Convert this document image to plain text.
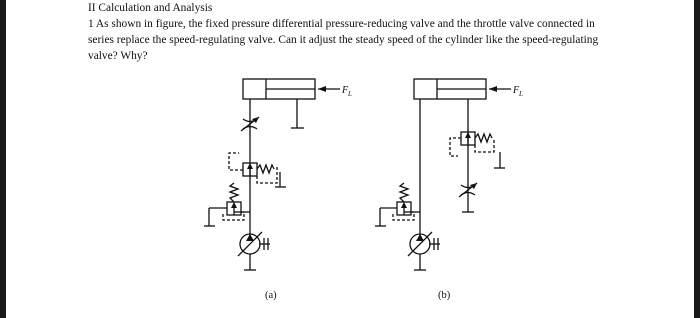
II Calculation and Analysis
1 As shown in figure, the fixed pressure differential pressure-reducing valve and the throttle valve connected in
series replace the speed-regulating valve. Can it adjust the steady speed of the cylinder like the speed-regulating
valve? Why?
F L
(a)
F L
(b)
